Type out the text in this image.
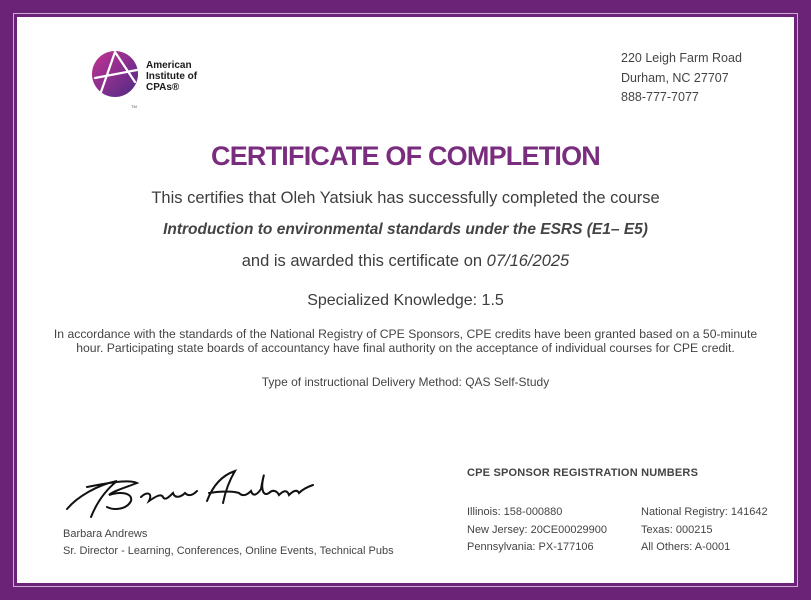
American
Institute of
CPAs®
TM
220 Leigh Farm Road
Durham, NC 27707
888-777-7077
CERTIFICATE OF COMPLETION
This certifies that Oleh Yatsiuk has successfully completed the course
Introduction to environmental standards under the ESRS (E1– E5)
and is awarded this certificate on 07/16/2025
Specialized Knowledge: 1.5
In accordance with the standards of the National Registry of CPE Sponsors, CPE credits have been granted based on a 50-minute hour. Participating state boards of accountancy have final authority on the acceptance of individual courses for CPE credit.
Type of instructional Delivery Method: QAS Self-Study
Barbara Andrews
Sr. Director - Learning, Conferences, Online Events, Technical Pubs
CPE SPONSOR REGISTRATION NUMBERS
Illinois: 158-000880
New Jersey: 20CE00029900
Pennsylvania: PX-177106
National Registry: 141642
Texas: 000215
All Others: A-0001
